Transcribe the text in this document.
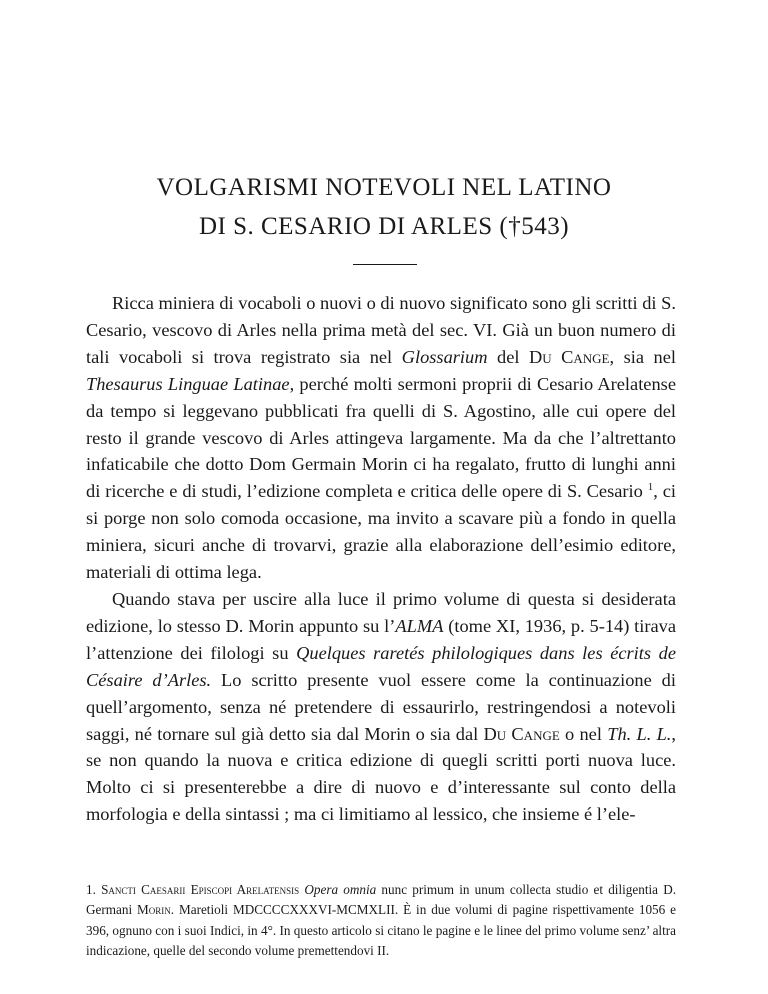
VOLGARISMI NOTEVOLI NEL LATINO
DI S. CESARIO DI ARLES (†543)

Ricca miniera di vocaboli o nuovi o di nuovo significato sono gli scritti di S. Cesario, vescovo di Arles nella prima metà del sec. VI. Già un buon numero di tali vocaboli si trova registrato sia nel Glossarium del Du Cange, sia nel Thesaurus Linguae Latinae, perché molti sermoni proprii di Cesario Arelatense da tempo si leggevano pubblicati fra quelli di S. Agostino, alle cui opere del resto il grande vescovo di Arles attingeva largamente. Ma da che l’altrettanto infaticabile che dotto Dom Germain Morin ci ha regalato, frutto di lunghi anni di ricerche e di studi, l’edizione completa e critica delle opere di S. Cesario $^1$, ci si porge non solo comoda occasione, ma invito a scavare più a fondo in quella miniera, sicuri anche di trovarvi, grazie alla elaborazione dell’esimio editore, materiali di ottima lega.

Quando stava per uscire alla luce il primo volume di questa si desiderata edizione, lo stesso D. Morin appunto su l’ALMA (tome XI, 1936, p. 5-14) tirava l’attenzione dei filologi su Quelques raretés philologiques dans les écrits de Césaire d’Arles. Lo scritto presente vuol essere come la continuazione di quell’argomento, senza né pretendere di essaurirlo, restringendosi a notevoli saggi, né tornare sul già detto sia dal Morin o sia dal Du Cange o nel Th. L. L., se non quando la nuova e critica edizione di quegli scritti porti nuova luce. Molto ci si presenterebbe a dire di nuovo e d’interessante sul conto della morfologia e della sintassi ; ma ci limitiamo al lessico, che insieme é l’ele-

1. Sancti Caesarii Episcopi Arelatensis Opera omnia nunc primum in unum collecta studio et diligentia D. Germani Morin. Maretioli MDCCCCXXXVI-MCMXLII. È in due volumi di pagine rispettivamente 1056 e 396, ognuno con i suoi Indici, in 4°. In questo articolo si citano le pagine e le linee del primo volume senz’ altra indicazione, quelle del secondo volume premettendovi II.
